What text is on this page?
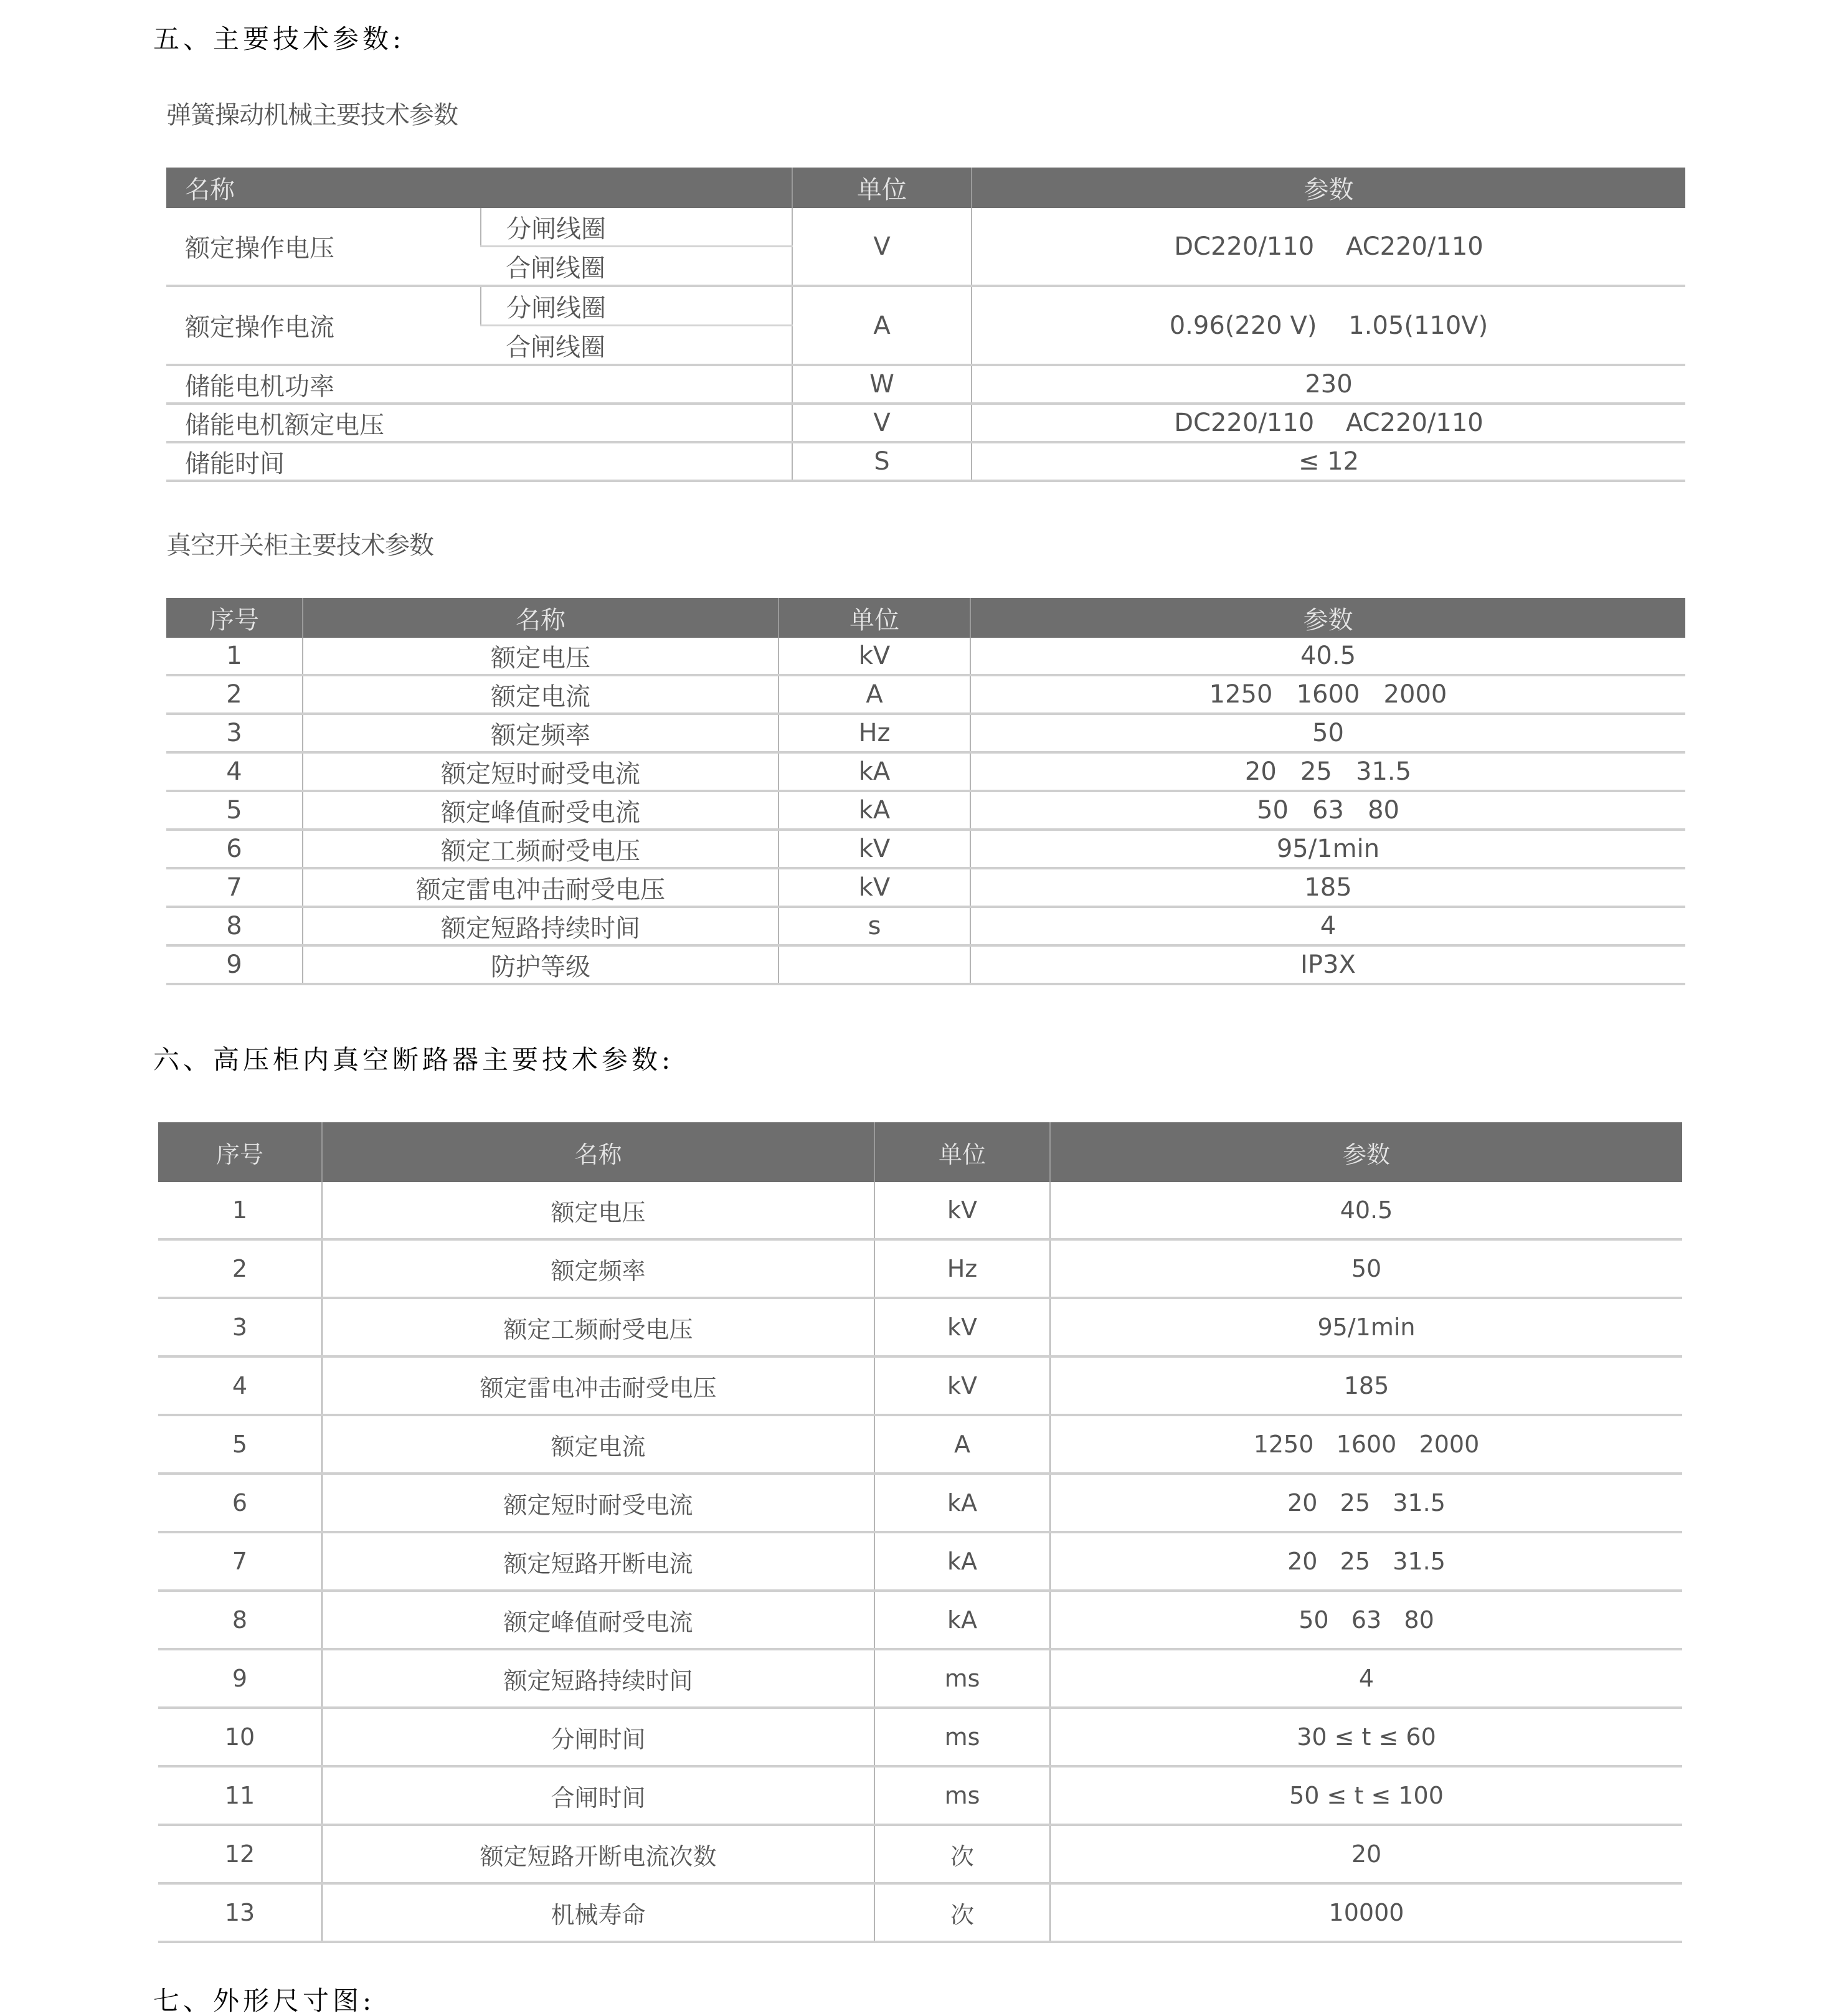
五、主要技术参数:
弹簧操动机械主要技术参数
名称		单位	参数
额定操作电压	分闸线圈	V	DC220/110    AC220/110
	合闸线圈		
额定操作电流	分闸线圈	A	0.96(220 V)    1.05(110V)
	合闸线圈		
储能电机功率		W	230
储能电机额定电压		V	DC220/110    AC220/110
储能时间		S	≤ 12
真空开关柜主要技术参数
序号	名称	单位	参数
1	额定电压	kV	40.5
2	额定电流	A	1250   1600   2000
3	额定频率	Hz	50
4	额定短时耐受电流	kA	20   25   31.5
5	额定峰值耐受电流	kA	50   63   80
6	额定工频耐受电压	kV	95/1min
7	额定雷电冲击耐受电压	kV	185
8	额定短路持续时间	s	4
9	防护等级		IP3X
六、高压柜内真空断路器主要技术参数:
序号	名称	单位	参数
1	额定电压	kV	40.5
2	额定频率	Hz	50
3	额定工频耐受电压	kV	95/1min
4	额定雷电冲击耐受电压	kV	185
5	额定电流	A	1250   1600   2000
6	额定短时耐受电流	kA	20   25   31.5
7	额定短路开断电流	kA	20   25   31.5
8	额定峰值耐受电流	kA	50   63   80
9	额定短路持续时间	ms	4
10	分闸时间	ms	30 ≤ t ≤ 60
11	合闸时间	ms	50 ≤ t ≤ 100
12	额定短路开断电流次数	次	20
13	机械寿命	次	10000
七、外形尺寸图:
